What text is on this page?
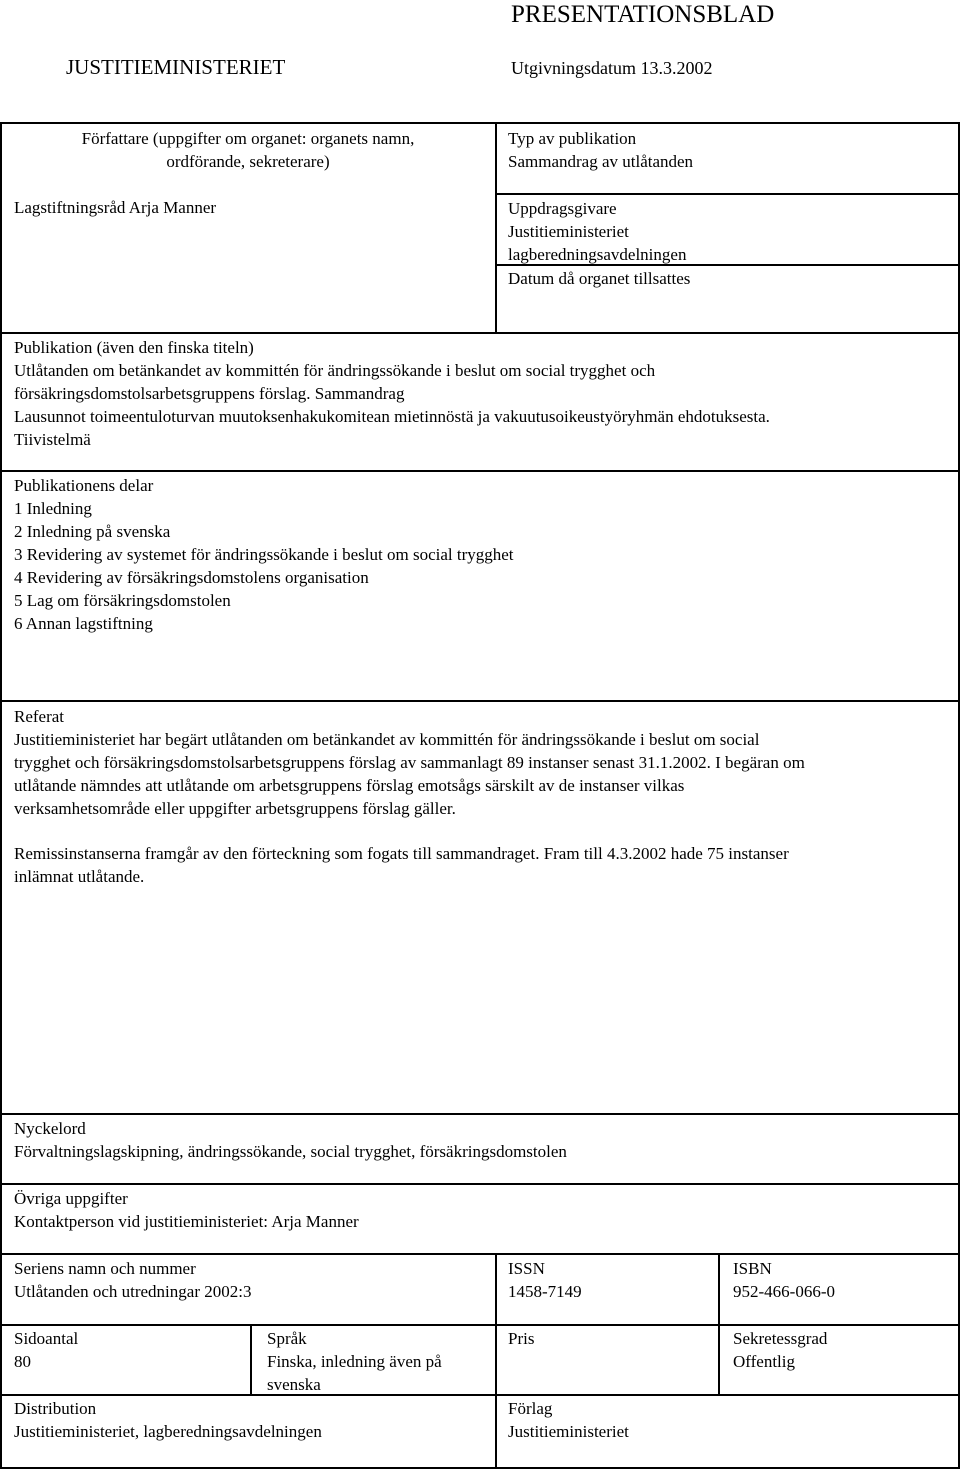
PRESENTATIONSBLAD
JUSTITIEMINISTERIET	Utgivningsdatum 13.3.2002
Författare (uppgifter om organet: organets namn,
ordförande, sekreterare)
Lagstiftningsråd Arja Manner
Typ av publikation
Sammandrag av utlåtanden
Uppdragsgivare
Justitieministeriet
lagberedningsavdelningen
Datum då organet tillsattes
Publikation (även den finska titeln)
Utlåtanden om betänkandet av kommittén för ändringssökande i beslut om social trygghet och
försäkringsdomstolsarbetsgruppens förslag. Sammandrag
Lausunnot toimeentuloturvan muutoksenhakukomitean mietinnöstä ja vakuutusoikeustyöryhmän ehdotuksesta.
Tiivistelmä
Publikationens delar
1 Inledning
2 Inledning på svenska
3 Revidering av systemet för ändringssökande i beslut om social trygghet
4 Revidering av försäkringsdomstolens organisation
5 Lag om försäkringsdomstolen
6 Annan lagstiftning
Referat
Justitieministeriet har begärt utlåtanden om betänkandet av kommittén för ändringssökande i beslut om social
trygghet och försäkringsdomstolsarbetsgruppens förslag av sammanlagt 89 instanser senast 31.1.2002. I begäran om
utlåtande nämndes att utlåtande om arbetsgruppens förslag emotsågs särskilt av de instanser vilkas
verksamhetsområde eller uppgifter arbetsgruppens förslag gäller.
Remissinstanserna framgår av den förteckning som fogats till sammandraget. Fram till 4.3.2002 hade 75 instanser
inlämnat utlåtande.
Nyckelord
Förvaltningslagskipning, ändringssökande, social trygghet, försäkringsdomstolen
Övriga uppgifter
Kontaktperson vid justitieministeriet: Arja Manner
Seriens namn och nummer
Utlåtanden och utredningar 2002:3
ISSN
1458-7149
ISBN
952-466-066-0
Sidoantal
80
Språk
Finska, inledning även på
svenska
Pris	Sekretessgrad
Offentlig
Distribution
Justitieministeriet, lagberedningsavdelningen
Förlag
Justitieministeriet
